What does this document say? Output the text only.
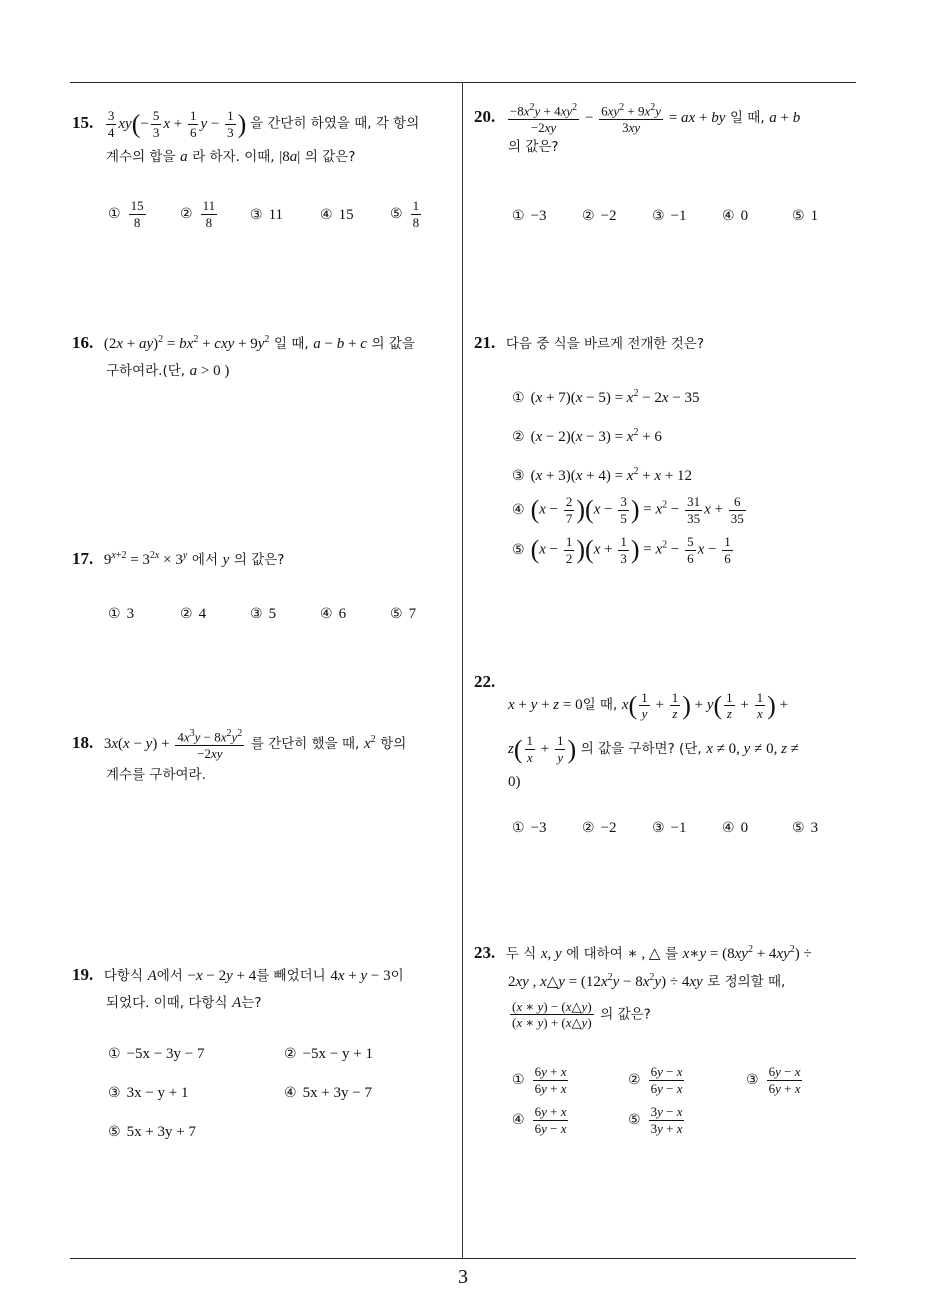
15. $\frac{3}{4} xy(- \frac{5}{3}$ $x + \frac{1}{6}$ $y - \frac{1}{3}$ ) 을 간단히 하였을 때, 각 항의
계수의 합을 a 라 하자. 이때, |8a| 의 값은?
① $\frac{15}{8}$ ② $\frac{11}{8}$ ③ 11	④ 15	⑤ $\frac{1}{8}$
16. $(2x + ay)^2 = bx^2$ + cxy + $9y^2$ 일 때, a − b + c 의 값을
구하여라.(단, a > 0 )
17. $9^{x+2} = 3^{2x} \times 3^y$ 에서 y 의 값은?
① 3	② 4	③ 5	④ 6	⑤ 7
18. $3x(x - y) + \frac{4x^3y - 8x^2y^2}{-2xy}$ 를 간단히 했을 때, $x^2$ 항의
계수를 구하여라.
19. 다항식 A에서 −x − 2y + 4를 빼었더니 4x + y − 3이
되었다. 이때, 다항식 A는?
① −5x − 3y − 7	② −5x − y + 1
③ 3x − y + 1	④ 5x + 3y − 7
⑤ 5x + 3y + 7
20. $\frac{-8x^2y + 4xy^2}{-2xy} - \frac{6xy^2 + 9x^2y}{3xy}$ = ax + by 일 때, a + b
의 값은?
① −3	② −2	③ −1	④ 0	⑤ 1
21. 다음 중 식을 바르게 전개한 것은?
① $(x + 7)(x - 5) = x^2 - 2x - 35$
② $(x - 2)(x - 3) = x^2 + 6$
③ $(x + 3)(x + 4) = x^2 + x + 12$
④ $(x - \frac{2}{7} )(x - \frac{3}{5}$ ) = $x^2 - \frac{31}{35}$ $x + \frac{6}{35}$
⑤ $(x - \frac{1}{2} )(x + \frac{1}{3}$ ) = $x^2 - \frac{5}{6}$ $x - \frac{1}{6}$
22.
x + y + z = 0일 때, $x( \frac{1}{y} + \frac{1}{z}$ ) + $y( \frac{1}{z} + \frac{1}{x}$ ) +
$z( \frac{1}{x} + \frac{1}{y}$ ) 의 값을 구하면? (단, x ≠ 0, y ≠ 0, z ≠
0)
① −3	② −2	③ −1	④ 0	⑤ 3
23. 두 식 x, y 에 대하여 ∗ , △ 를 x∗y = $(8xy^2 + 4xy^2)$ ÷
2xy , x△y = $(12x^2y - 8x^2y) \div 4xy$ 로 정의할 때,
$\frac{(x ∗ y) - (x\triangle y)}{(x ∗ y) + (x\triangle y)}$ 의 값은?
① $\frac{6y + x}{6y + x}$	② $\frac{6y - x}{6y - x}$	③ $\frac{6y - x}{6y + x}$
④ $\frac{6y + x}{6y - x}$	⑤ $\frac{3y - x}{3y + x}$
3
